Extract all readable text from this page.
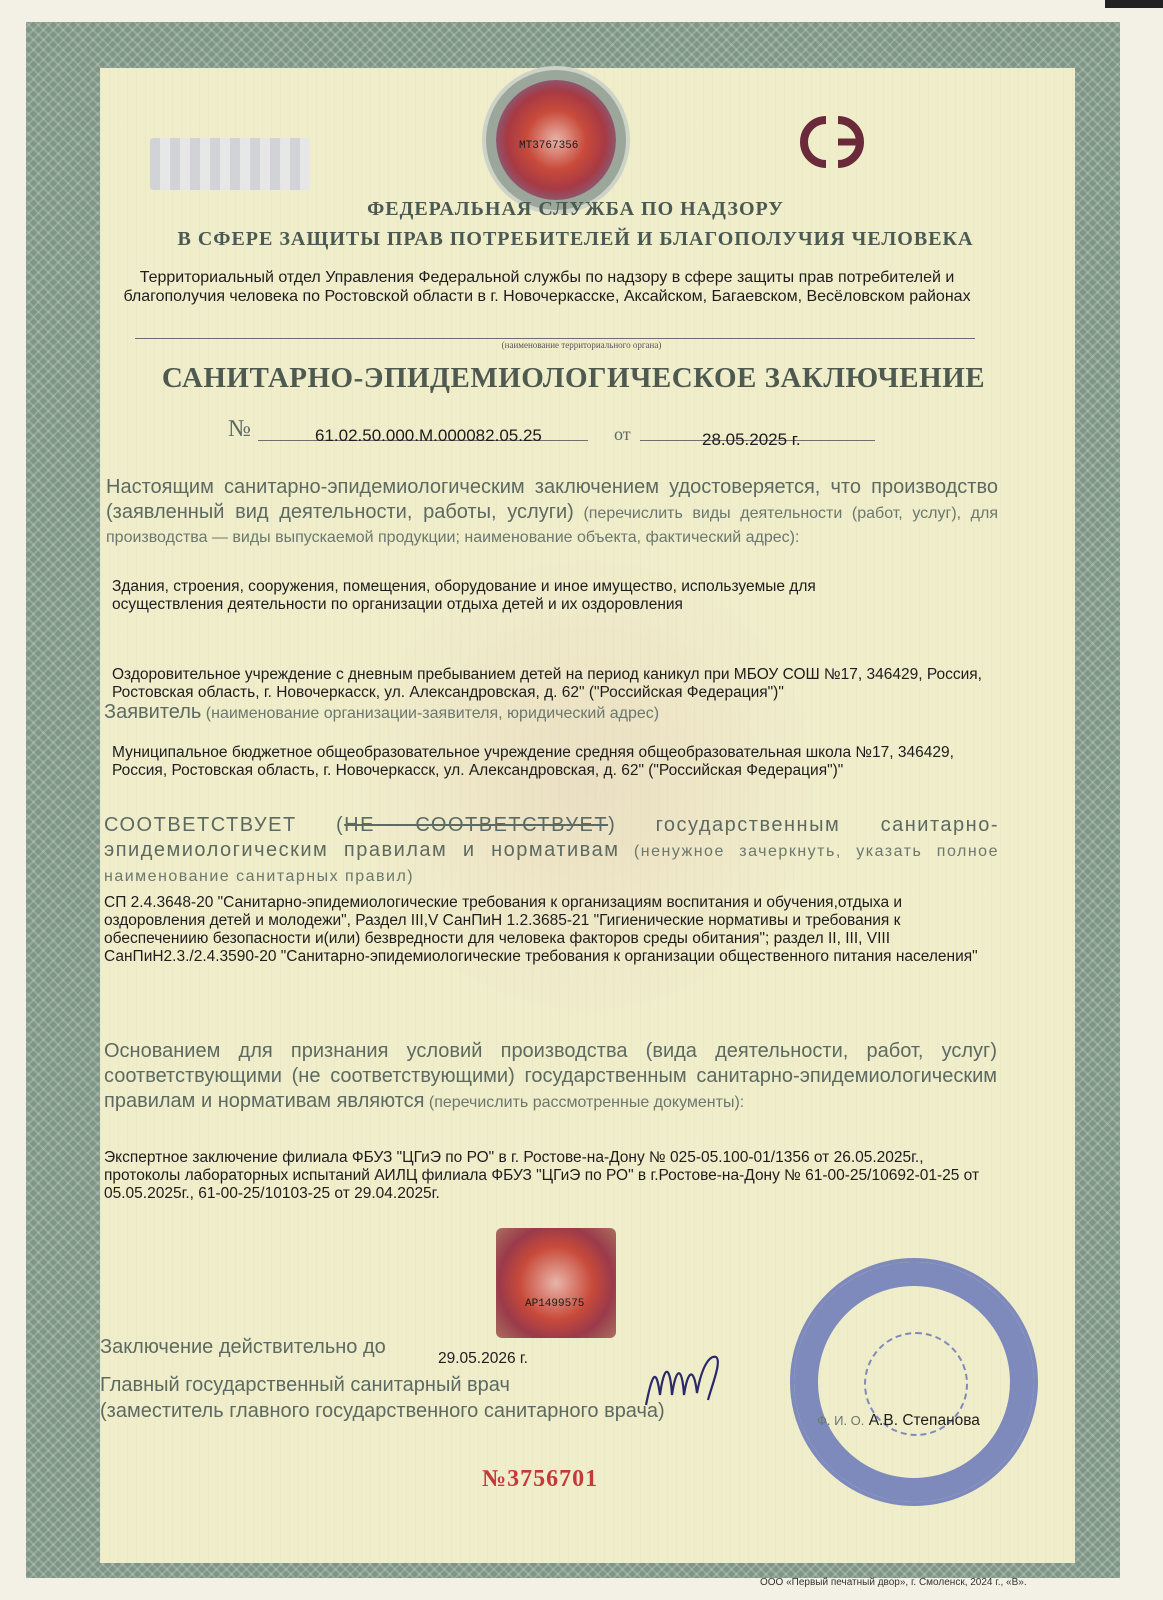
МТ3767356
ФЕДЕРАЛЬНАЯ СЛУЖБА ПО НАДЗОРУ
В СФЕРЕ ЗАЩИТЫ ПРАВ ПОТРЕБИТЕЛЕЙ И БЛАГОПОЛУЧИЯ ЧЕЛОВЕКА
Территориальный отдел Управления Федеральной службы по надзору в сфере защиты прав потребителей и благополучия человека по Ростовской области в г. Новочеркасске, Аксайском, Багаевском, Весёловском районах
(наименование территориального органа)
САНИТАРНО-ЭПИДЕМИОЛОГИЧЕСКОЕ ЗАКЛЮЧЕНИЕ
№	61.02.50.000.М.000082.05.25	от	28.05.2025 г.
Настоящим санитарно-эпидемиологическим заключением удостоверяется, что производство (заявленный вид деятельности, работы, услуги) (перечислить виды деятельности (работ, услуг), для производства — виды выпускаемой продукции; наименование объекта, фактический адрес):
Здания, строения, сооружения, помещения, оборудование и иное имущество, используемые для осуществления деятельности по организации отдыха детей и их оздоровления
Оздоровительное учреждение с дневным пребыванием детей на период каникул при МБОУ СОШ №17, 346429, Россия, Ростовская область, г. Новочеркасск, ул. Александровская, д. 62" ("Российская Федерация")"
Заявитель (наименование организации-заявителя, юридический адрес)
Муниципальное бюджетное общеобразовательное учреждение средняя общеобразовательная школа №17, 346429, Россия, Ростовская область, г. Новочеркасск, ул. Александровская, д. 62" ("Российская Федерация")"
СООТВЕТСТВУЕТ (НЕ СООТВЕТСТВУЕТ) государственным санитарно-эпидемиологическим правилам и нормативам (ненужное зачеркнуть, указать полное наименование санитарных правил)
СП 2.4.3648-20 "Санитарно-эпидемиологические требования к организациям воспитания и обучения,отдыха и оздоровления детей и молодежи", Раздел III,V СанПиН 1.2.3685-21 "Гигиенические нормативы и требования к обеспечениию безопасности и(или) безвредности для человека факторов среды обитания"; раздел II, III, VIII СанПиН2.3./2.4.3590-20 "Санитарно-эпидемиологические требования к организации общественного питания населения"
Основанием для признания условий производства (вида деятельности, работ, услуг) соответствующими (не соответствующими) государственным санитарно-эпидемиологическим правилам и нормативам являются (перечислить рассмотренные документы):
Экспертное заключение филиала ФБУЗ "ЦГиЭ по РО" в г. Ростове-на-Дону № 025-05.100-01/1356 от 26.05.2025г., протоколы лабораторных испытаний АИЛЦ филиала ФБУЗ "ЦГиЭ по РО" в г.Ростове-на-Дону № 61-00-25/10692-01-25 от 05.05.2025г., 61-00-25/10103-25 от 29.04.2025г.
АР1499575
Заключение действительно до
29.05.2026 г.
Главный государственный санитарный врач
(заместитель главного государственного санитарного врача)	Ф. И. О. А.В. Степанова
№3756701
ООО «Первый печатный двор», г. Смоленск, 2024 г., «В».
